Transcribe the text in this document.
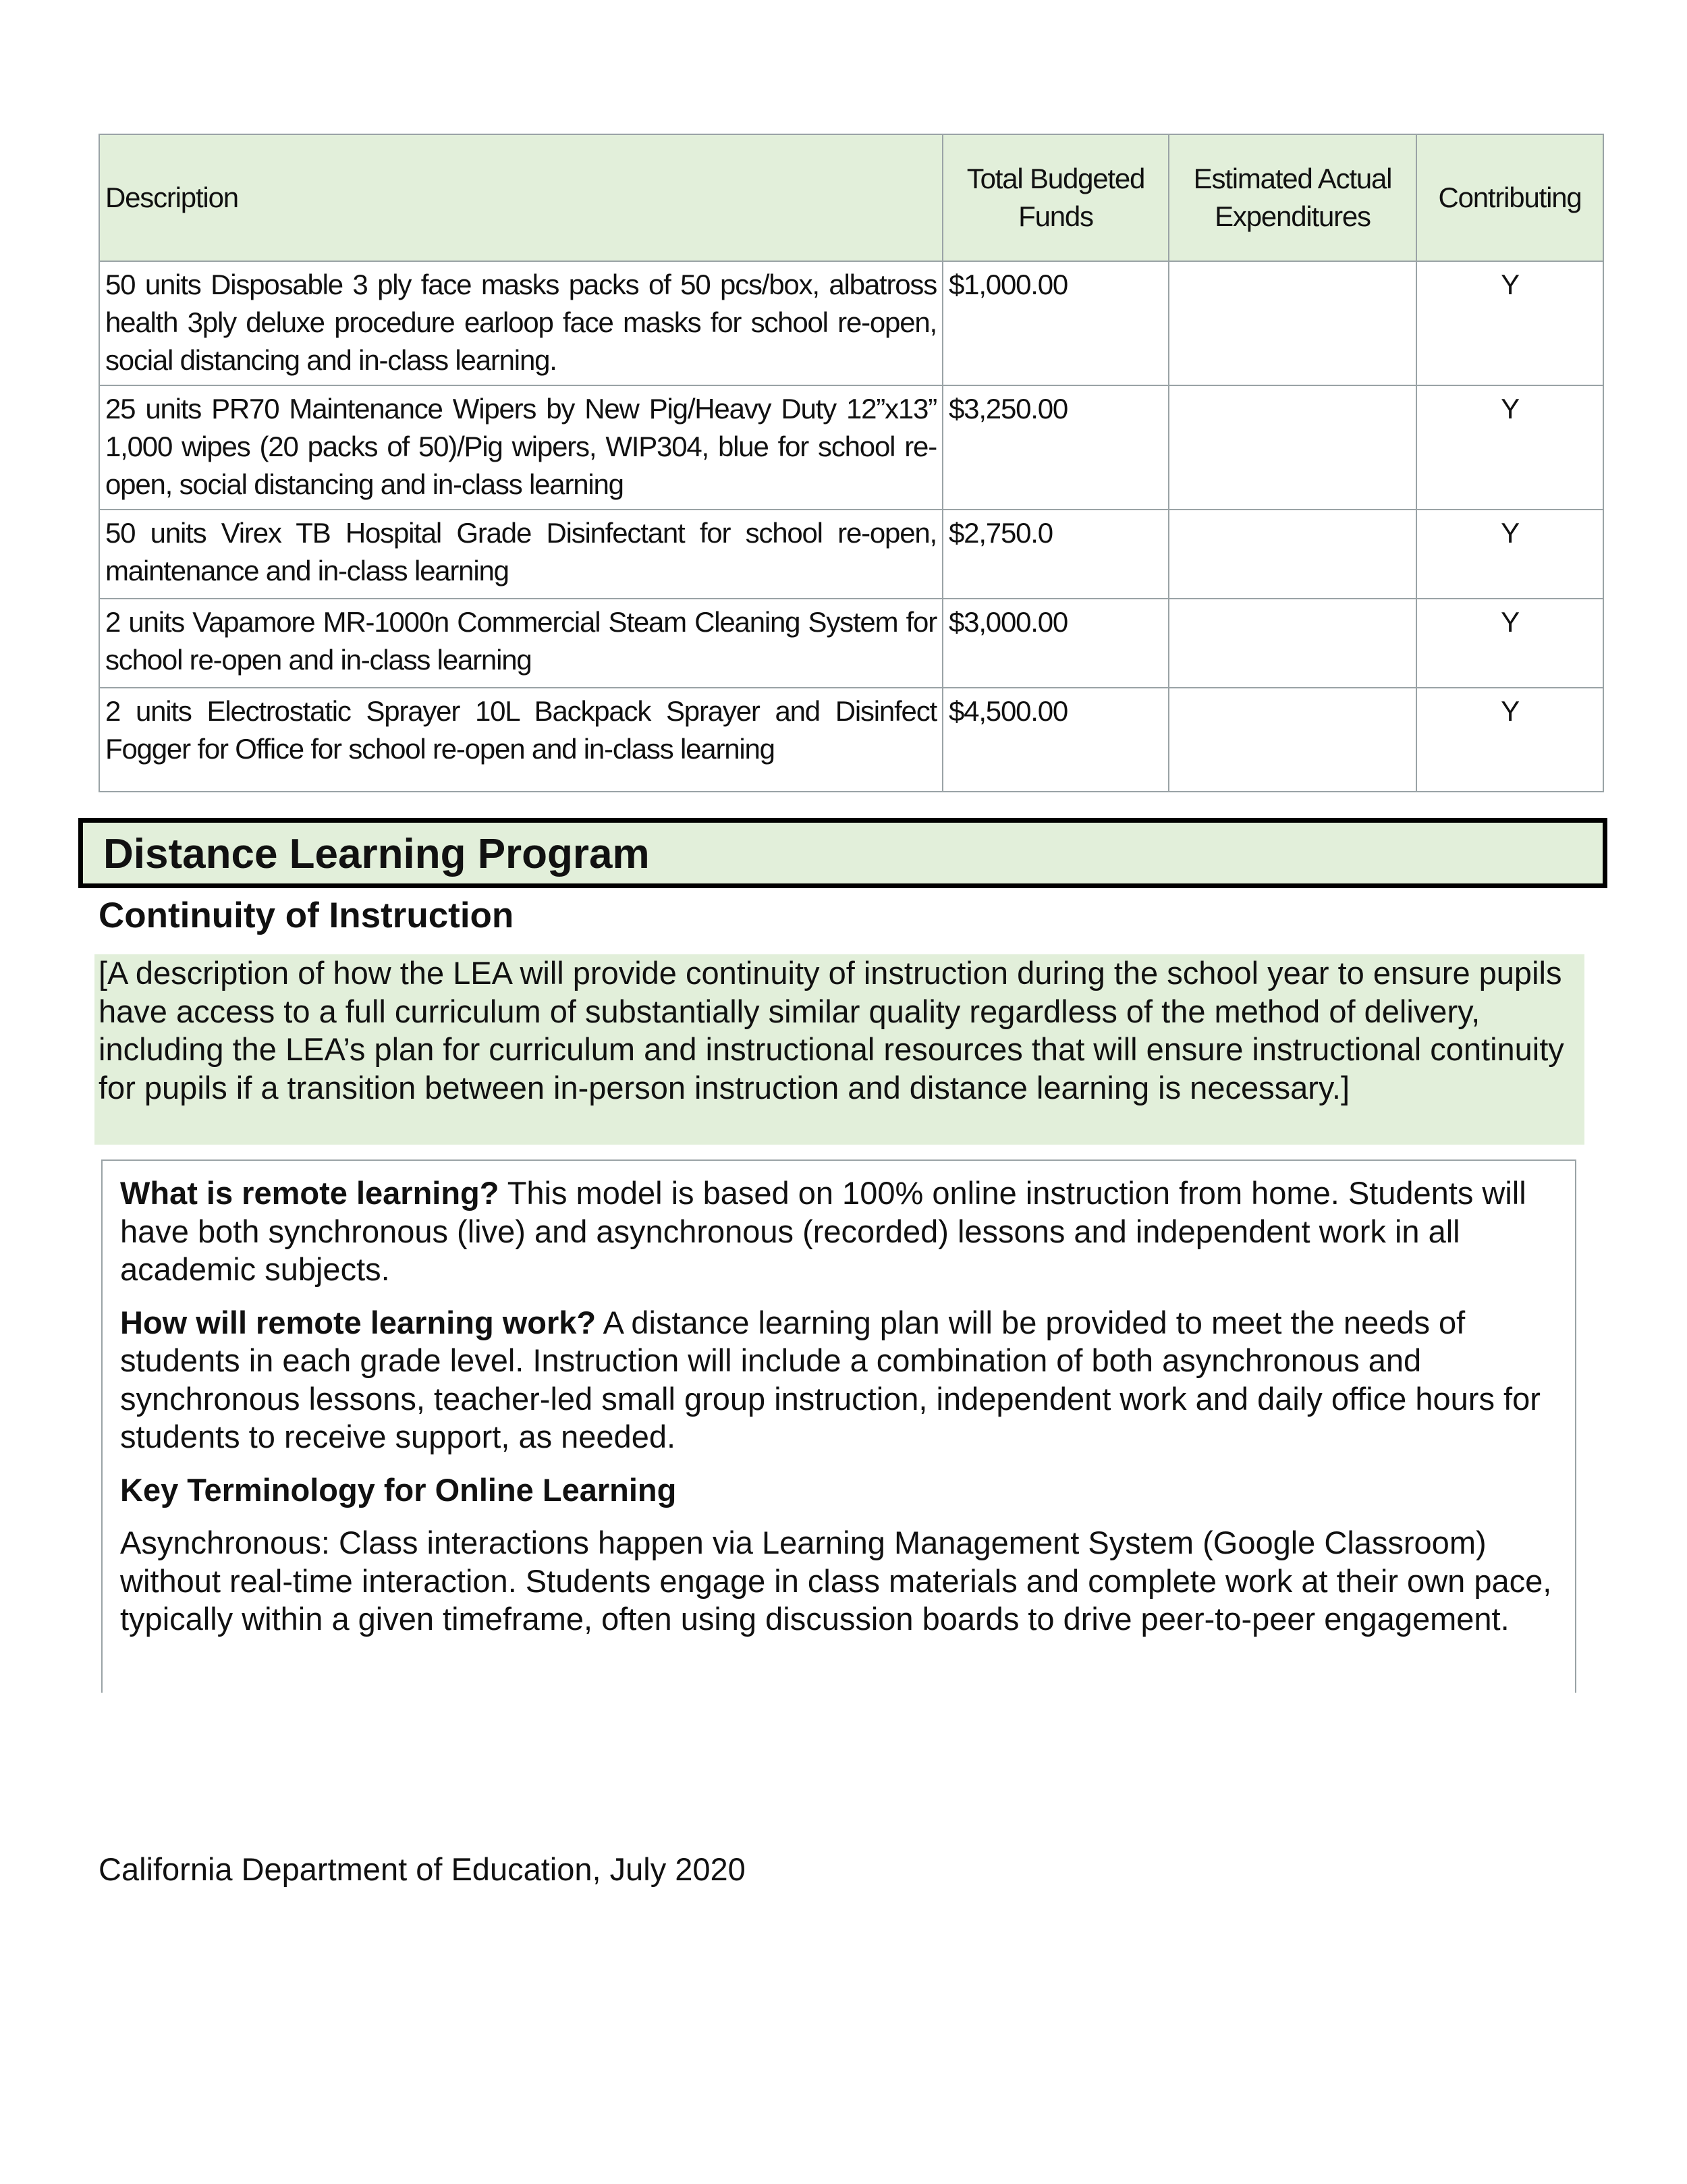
Description	Total Budgeted Funds	Estimated Actual Expenditures	Contributing
50 units Disposable 3 ply face masks packs of 50 pcs/box, albatross health 3ply deluxe procedure earloop face masks for school re-open, social distancing and in-class learning.	$1,000.00		Y
25 units PR70 Maintenance Wipers by New Pig/Heavy Duty 12”x13” 1,000 wipes (20 packs of 50)/Pig wipers, WIP304, blue for school re-open, social distancing and in-class learning	$3,250.00		Y
50 units Virex TB Hospital Grade Disinfectant for school re-open, maintenance and in-class learning	$2,750.0		Y
2 units Vapamore MR-1000n Commercial Steam Cleaning System for school re-open and in-class learning	$3,000.00		Y
2 units Electrostatic Sprayer 10L Backpack Sprayer and Disinfect Fogger for Office for school re-open and in-class learning	$4,500.00		Y
Distance Learning Program
Continuity of Instruction
[A description of how the LEA will provide continuity of instruction during the school year to ensure pupils have access to a full curriculum of substantially similar quality regardless of the method of delivery, including the LEA’s plan for curriculum and instructional resources that will ensure instructional continuity for pupils if a transition between in-person instruction and distance learning is necessary.]

What is remote learning? This model is based on 100% online instruction from home. Students will have both synchronous (live) and asynchronous (recorded) lessons and independent work in all academic subjects.

How will remote learning work? A distance learning plan will be provided to meet the needs of students in each grade level. Instruction will include a combination of both asynchronous and synchronous lessons, teacher-led small group instruction, independent work and daily office hours for students to receive support, as needed.

Key Terminology for Online Learning

Asynchronous: Class interactions happen via Learning Management System (Google Classroom) without real-time interaction. Students engage in class materials and complete work at their own pace, typically within a given timeframe, often using discussion boards to drive peer-to-peer engagement.

California Department of Education, July 2020
